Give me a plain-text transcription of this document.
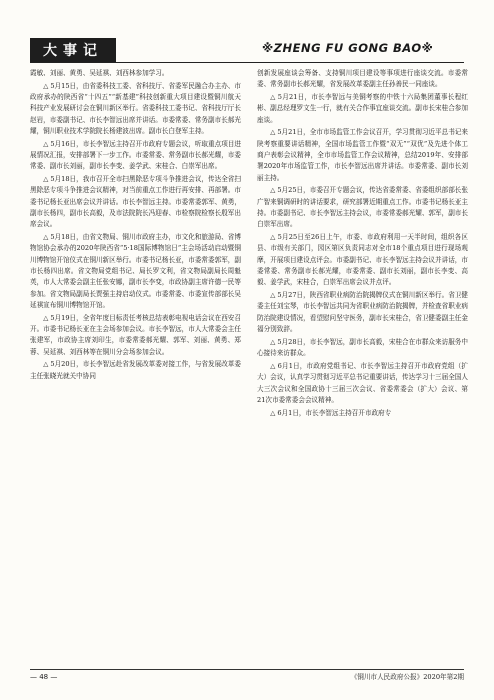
大事记	※ZHENG FU GONG BAO※

霞敏、刘丽、黄勇、吴延祺、刘西林参加学习。

△ 5月15日，由省委科技工委、省科技厅、省委军民融合办主办、市政府承办的陕西省“十四五”“新基建”科技创新重大项目建设暨铜川航天科技产业发展研讨会在铜川新区举行。省委科技工委书记、省科技厅厅长赵岩，市委副书记、市长李智远出席并讲话。市委常委、常务副市长郝光耀，铜川职业技术学院院长杨建波出席。副市长白登军主持。

△ 5月16日，市长李智远主持召开市政府专题会议，听取重点项目进展情况汇报，安排部署下一步工作。市委常委、常务副市长郝光耀，市委常委、副市长刘丽，副市长李变、姜学武、宋桂合、白崇军出席。

△ 5月18日，我市召开全市扫黑除恶专项斗争推进会议，传达全省扫黑除恶专项斗争推进会议精神，对当前重点工作进行再安排、再部署。市委书记杨长亚出席会议并讲话。市长李智远主持。市委常委郭军、黄勇，副市长杨四，副市长高毅，及市法院院长冯迎春、市检察院检察长殷军出席会议。

△ 5月18日，由省文物局、铜川市政府主办，市文化和旅游局、省博物馆协会承办的2020年陕西省“5·18国际博物馆日”主会场活动启动暨铜川博物馆开馆仪式在铜川新区举行。市委书记杨长亚，市委常委郭军，副市长杨四出席。省文物局党组书记、局长罗文利，省文物局副局长周魁英，市人大常委会副主任张安娜，副市长李变，市政协副主席许德一民等参加。省文物局副局长贾强主持启动仪式。市委常委、市委宣传部部长吴延祺宣布铜川博物馆开馆。

△ 5月19日，全省年度目标责任考核总结表彰电视电话会议在西安召开。市委书记杨长亚在主会场参加会议。市长李智远，市人大常委会主任张建军，市政协主席刘印生，市委常委郝光耀、郭军、刘丽、黄勇、郑蓉、吴延祺、刘西林等在铜川分会场参加会议。

△ 5月20日，市长李智远赴省发展改革委对接工作，与省发展改革委主任张晓光就关中协同

创新发展座谈会筹备、支持铜川项目建设等事项进行座谈交流。市委常委、常务副市长郝光耀，省发展改革委副主任孙善民一同座谈。

△ 5月21日，市长李智远与美铜考察的中铁十六局集团董事长程红彬、副总经理罗文生一行，就有关合作事宜座谈交流。副市长宋桂合参加座谈。

△ 5月21日，全市市场监管工作会议召开，学习贯彻习近平总书记来陕考察重要讲话精神，全国市场监管工作暨“双无”“双优”及先进个体工商户表彰会议精神，全市市场监管工作会议精神，总结2019年、安排部署2020年市场监管工作，市长李智远出席并讲话。市委常委、副市长刘丽主持。

△ 5月25日，市委召开专题会议，传达省委常委、省委组织部部长张广智来铜调研时的讲话要求，研究部署近期重点工作。市委书记杨长亚主持。市委副书记、市长李智远主持会议，市委常委郝光耀、郭军，副市长白崇军出席。

△ 5月25日至26日上午，市委、市政府利用一天半时间，组织各区县、市级有关部门，园区第区负责同志对全市18个重点项目进行现场观摩，开展项目建设点评会。市委副书记、市长李智远主持会议并讲话，市委常委、常务副市长郝光耀，市委常委、副市长刘丽，副市长李变、高毅、姜学武，宋桂合，白崇军出席会议并点评。

△ 5月27日，陕西省职业病防治院揭牌仪式在铜川新区举行。省卫健委主任刘宝琴，市长李智远共同为省职业病防治院揭牌，并检查省职业病防治院建设情况，看望慰问坚守医务，副市长宋桂合，省卫健委副主任金福分别致辞。

△ 5月28日，市长李智远，副市长高毅，宋桂合在市群众来访服务中心接待来访群众。

△ 6月1日，市政府党组书记、市长李智远主持召开市政府党组（扩大）会议，认真学习贯彻习近平总书记重要讲话，传达学习十三届全国人大三次会议和全国政协十三届三次会议、省委常委会（扩大）会议、第21次市委常委会会议精神。

△ 6月1日，市长李智远主持召开市政府专

— 48 —	《铜川市人民政府公报》2020年第2期
